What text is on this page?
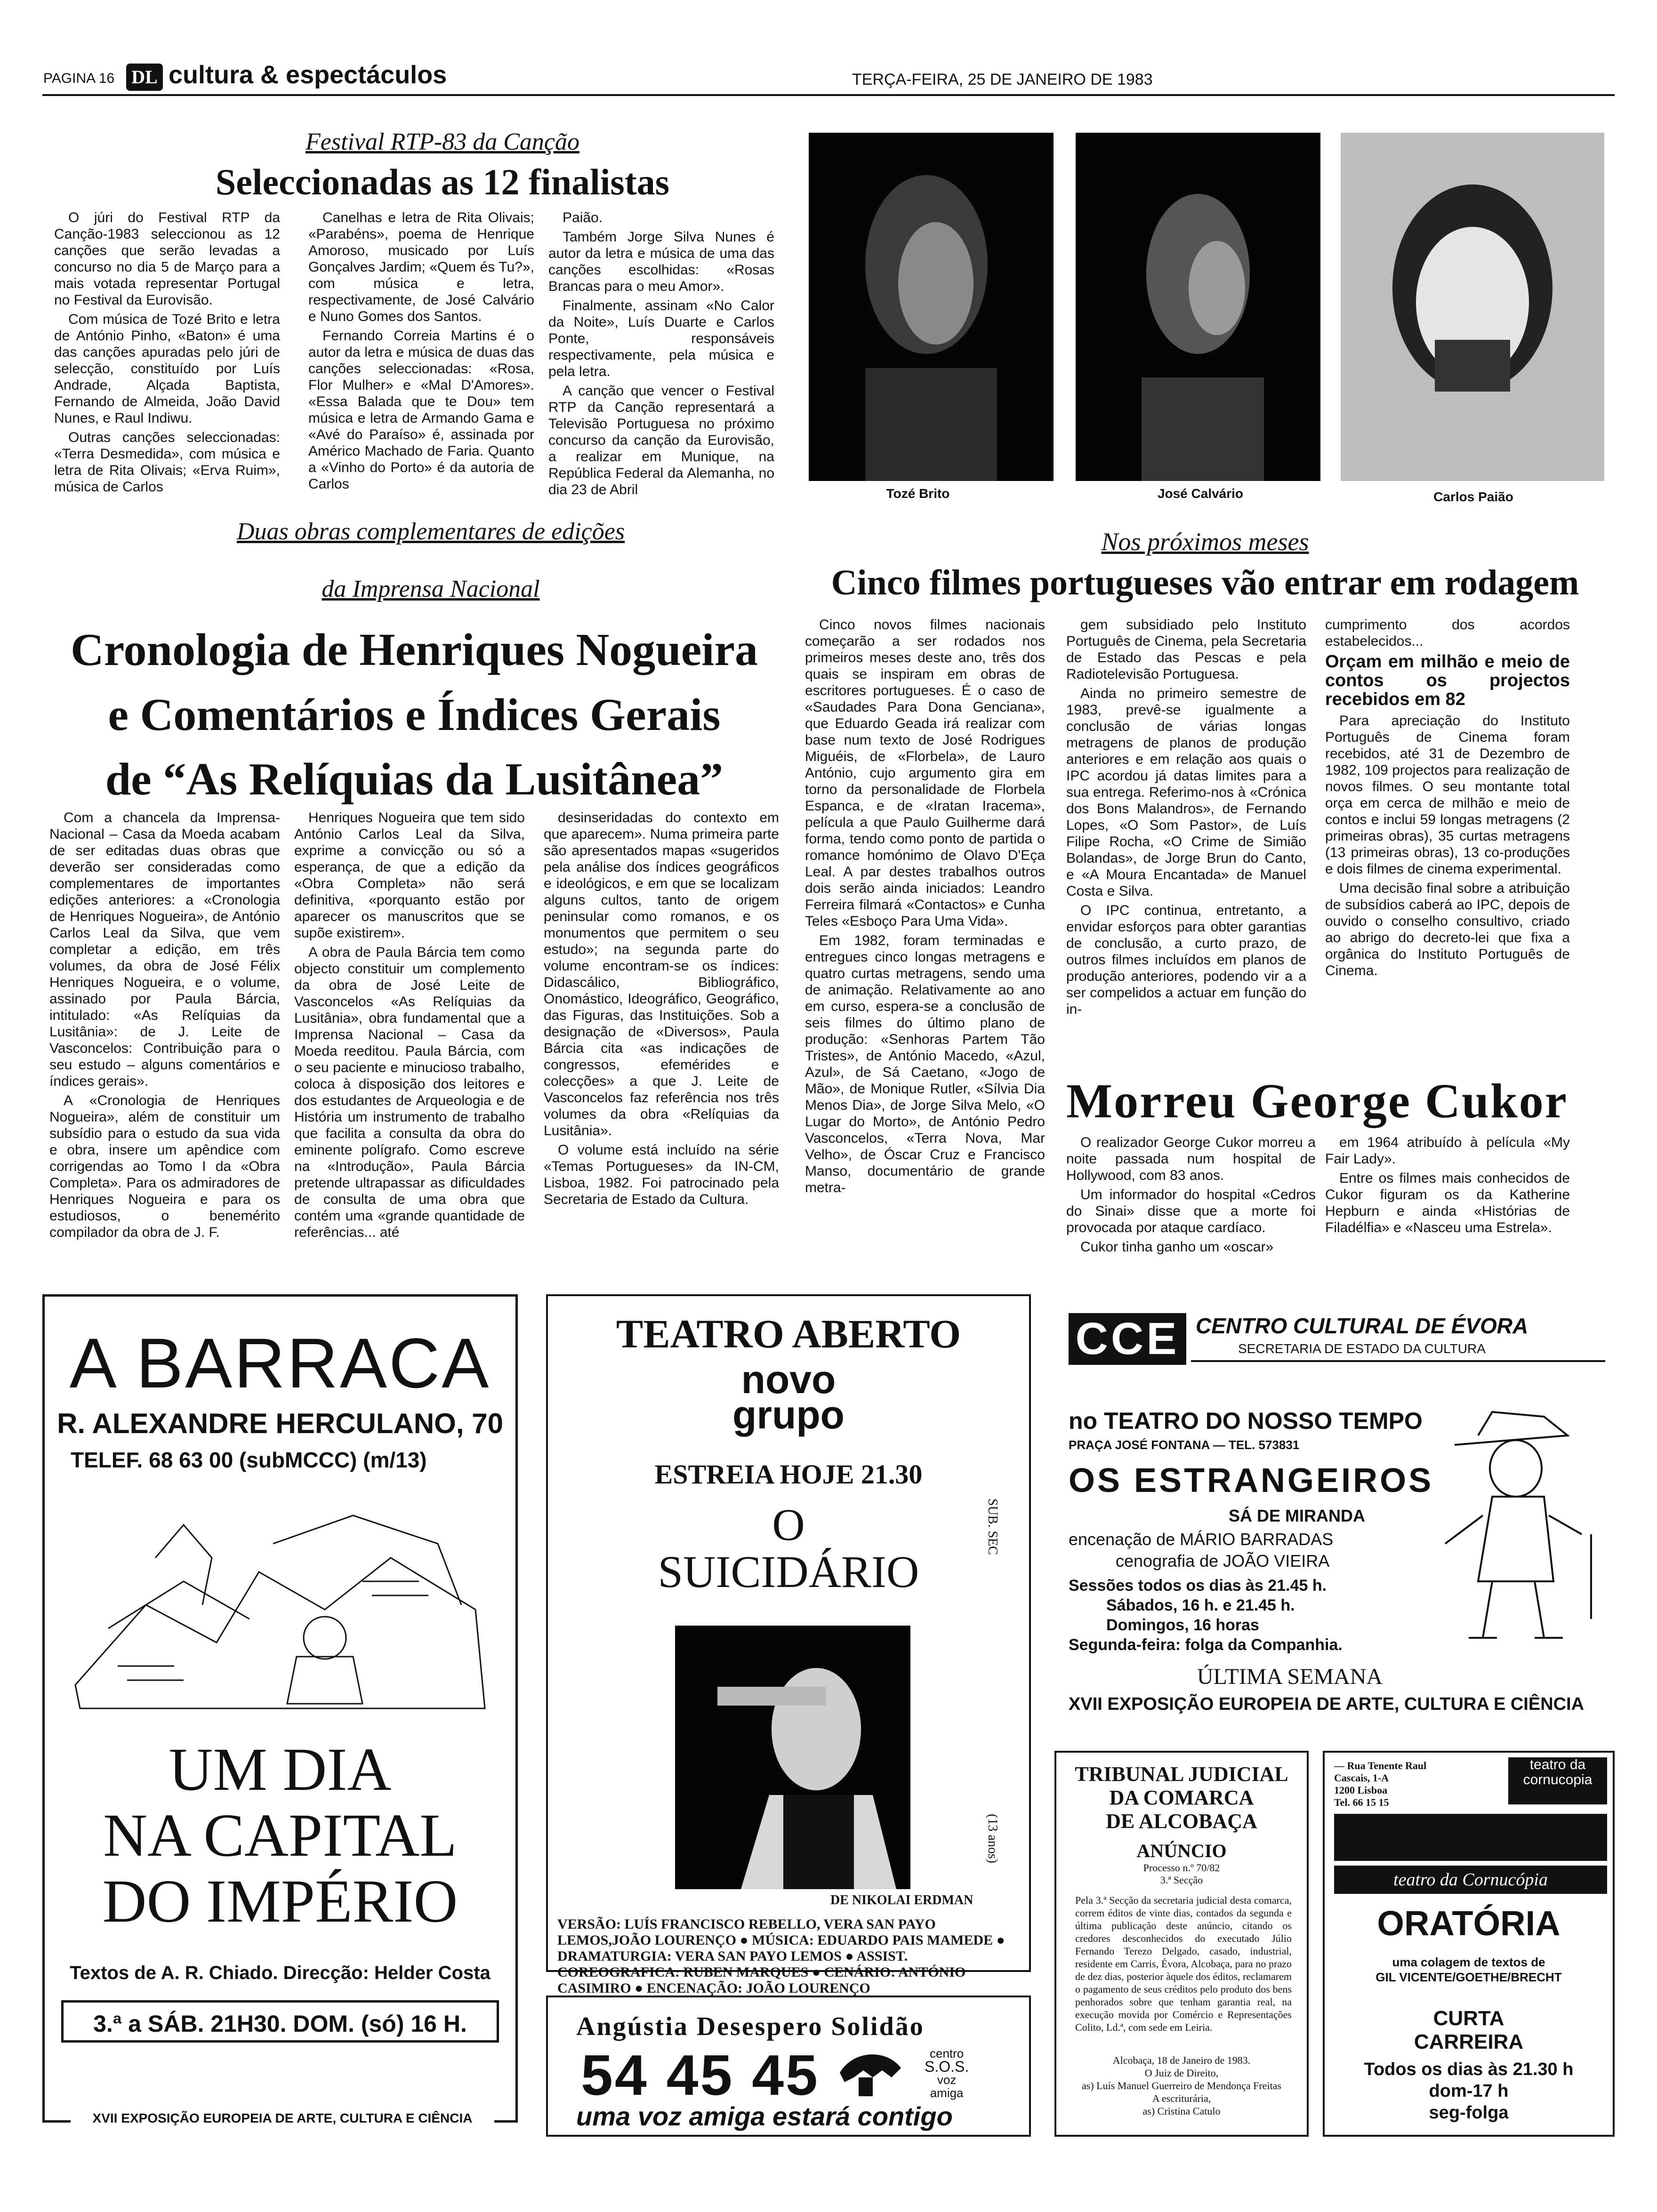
PAGINA 16 DL cultura & espectáculos	TERÇA-FEIRA, 25 DE JANEIRO DE 1983
Festival RTP-83 da Canção
Seleccionadas as 12 finalistas

O júri do Festival RTP da Canção-1983 seleccionou as 12 canções que serão levadas a concurso no dia 5 de Março para a mais votada representar Portugal no Festival da Eurovisão.

Com música de Tozé Brito e letra de António Pinho, «Baton» é uma das canções apuradas pelo júri de selecção, constituído por Luís Andrade, Alçada Baptista, Fernando de Almeida, João David Nunes, e Raul Indiwu.

Outras canções seleccionadas: «Terra Desmedida», com música e letra de Rita Olivais; «Erva Ruim», música de Carlos

Canelhas e letra de Rita Olivais; «Parabéns», poema de Henrique Amoroso, musicado por Luís Gonçalves Jardim; «Quem és Tu?», com música e letra, respectivamente, de José Calvário e Nuno Gomes dos Santos.

Fernando Correia Martins é o autor da letra e música de duas das canções seleccionadas: «Rosa, Flor Mulher» e «Mal D'Amores». «Essa Balada que te Dou» tem música e letra de Armando Gama e «Avé do Paraíso» é, assinada por Américo Machado de Faria. Quanto a «Vinho do Porto» é da autoria de Carlos

Paião.

Também Jorge Silva Nunes é autor da letra e música de uma das canções escolhidas: «Rosas Brancas para o meu Amor».

Finalmente, assinam «No Calor da Noite», Luís Duarte e Carlos Ponte, responsáveis respectivamente, pela música e pela letra.

A canção que vencer o Festival RTP da Canção representará a Televisão Portuguesa no próximo concurso da canção da Eurovisão, a realizar em Munique, na República Federal da Alemanha, no dia 23 de Abril	Tozé Brito	José Calvário	Carlos Paião
Duas obras complementares de edições
da Imprensa Nacional
Cronologia de Henriques Nogueira
e Comentários e Índices Gerais
de “As Relíquias da Lusitânea”

Com a chancela da Imprensa-Nacional – Casa da Moeda acabam de ser editadas duas obras que deverão ser consideradas como complementares de importantes edições anteriores: a «Cronologia de Henriques Nogueira», de António Carlos Leal da Silva, que vem completar a edição, em três volumes, da obra de José Félix Henriques Nogueira, e o volume, assinado por Paula Bárcia, intitulado: «As Relíquias da Lusitânia»: de J. Leite de Vasconcelos: Contribuição para o seu estudo – alguns comentários e índices gerais».

A «Cronologia de Henriques Nogueira», além de constituir um subsídio para o estudo da sua vida e obra, insere um apêndice com corrigendas ao Tomo I da «Obra Completa». Para os admiradores de Henriques Nogueira e para os estudiosos, o benemérito compilador da obra de J. F.

Henriques Nogueira que tem sido António Carlos Leal da Silva, exprime a convicção ou só a esperança, de que a edição da «Obra Completa» não será definitiva, «porquanto estão por aparecer os manuscritos que se supõe existirem».

A obra de Paula Bárcia tem como objecto constituir um complemento da obra de José Leite de Vasconcelos «As Relíquias da Lusitânia», obra fundamental que a Imprensa Nacional – Casa da Moeda reeditou. Paula Bárcia, com o seu paciente e minucioso trabalho, coloca à disposição dos leitores e dos estudantes de Arqueologia e de História um instrumento de trabalho que facilita a consulta da obra do eminente polígrafo. Como escreve na «Introdução», Paula Bárcia pretende ultrapassar as dificuldades de consulta de uma obra que contém uma «grande quantidade de referências... até

desinseridadas do contexto em que aparecem». Numa primeira parte são apresentados mapas «sugeridos pela análise dos índices geográficos e ideológicos, e em que se localizam alguns cultos, tanto de origem peninsular como romanos, e os monumentos que permitem o seu estudo»; na segunda parte do volume encontram-se os índices: Didascálico, Bibliográfico, Onomástico, Ideográfico, Geográfico, das Figuras, das Instituições. Sob a designação de «Diversos», Paula Bárcia cita «as indicações de congressos, efemérides e colecções» a que J. Leite de Vasconcelos faz referência nos três volumes da obra «Relíquias da Lusitânia».

O volume está incluído na série «Temas Portugueses» da IN-CM, Lisboa, 1982. Foi patrocinado pela Secretaria de Estado da Cultura.

Nos próximos meses
Cinco filmes portugueses vão entrar em rodagem

Cinco novos filmes nacionais começarão a ser rodados nos primeiros meses deste ano, três dos quais se inspiram em obras de escritores portugueses. É o caso de «Saudades Para Dona Genciana», que Eduardo Geada irá realizar com base num texto de José Rodrigues Miguéis, de «Florbela», de Lauro António, cujo argumento gira em torno da personalidade de Florbela Espanca, e de «Iratan Iracema», película a que Paulo Guilherme dará forma, tendo como ponto de partida o romance homónimo de Olavo D'Eça Leal. A par destes trabalhos outros dois serão ainda iniciados: Leandro Ferreira filmará «Contactos» e Cunha Teles «Esboço Para Uma Vida».

Em 1982, foram terminadas e entregues cinco longas metragens e quatro curtas metragens, sendo uma de animação. Relativamente ao ano em curso, espera-se a conclusão de seis filmes do último plano de produção: «Senhoras Partem Tão Tristes», de António Macedo, «Azul, Azul», de Sá Caetano, «Jogo de Mão», de Monique Rutler, «Sílvia Dia Menos Dia», de Jorge Silva Melo, «O Lugar do Morto», de António Pedro Vasconcelos, «Terra Nova, Mar Velho», de Óscar Cruz e Francisco Manso, documentário de grande metra-

gem subsidiado pelo Instituto Português de Cinema, pela Secretaria de Estado das Pescas e pela Radiotelevisão Portuguesa.

Ainda no primeiro semestre de 1983, prevê-se igualmente a conclusão de várias longas metragens de planos de produção anteriores e em relação aos quais o IPC acordou já datas limites para a sua entrega. Referimo-nos à «Crónica dos Bons Malandros», de Fernando Lopes, «O Som Pastor», de Luís Filipe Rocha, «O Crime de Simião Bolandas», de Jorge Brun do Canto, e «A Moura Encantada» de Manuel Costa e Silva.

O IPC continua, entretanto, a envidar esforços para obter garantias de conclusão, a curto prazo, de outros filmes incluídos em planos de produção anteriores, podendo vir a a ser compelidos a actuar em função do in-

cumprimento dos acordos estabelecidos...

Orçam em milhão e meio de contos os projectos recebidos em 82

Para apreciação do Instituto Português de Cinema foram recebidos, até 31 de Dezembro de 1982, 109 projectos para realização de novos filmes. O seu montante total orça em cerca de milhão e meio de contos e inclui 59 longas metragens (2 primeiras obras), 35 curtas metragens (13 primeiras obras), 13 co-produções e dois filmes de cinema experimental.

Uma decisão final sobre a atribuição de subsídios caberá ao IPC, depois de ouvido o conselho consultivo, criado ao abrigo do decreto-lei que fixa a orgânica do Instituto Português de Cinema.

Morreu George Cukor

O realizador George Cukor morreu a noite passada num hospital de Hollywood, com 83 anos.

Um informador do hospital «Cedros do Sinai» disse que a morte foi provocada por ataque cardíaco.

Cukor tinha ganho um «oscar»

em 1964 atribuído à película «My Fair Lady».

Entre os filmes mais conhecidos de Cukor figuram os da Katherine Hepburn e ainda «Histórias de Filadélfia» e «Nasceu uma Estrela».

A BARRACA
R. ALEXANDRE HERCULANO, 70
TELEF. 68 63 00 (subMCCC) (m/13)
UM DIA
NA CAPITAL
DO IMPÉRIO
Textos de A. R. Chiado. Direcção: Helder Costa
3.ª a SÁB. 21H30. DOM. (só) 16 H.
XVII EXPOSIÇÃO EUROPEIA DE ARTE, CULTURA E CIÊNCIA
TEATRO ABERTO
novo
grupo
ESTREIA HOJE 21.30
O
SUICIDÁRIO
SUB. SEC
(13 anos)
DE NIKOLAI ERDMAN
VERSÃO: LUÍS FRANCISCO REBELLO, VERA SAN PAYO LEMOS,JOÃO LOURENÇO ● MÚSICA: EDUARDO PAIS MAMEDE ● DRAMATURGIA: VERA SAN PAYO LEMOS ● ASSIST. COREOGRAFICA: RUBEN MARQUES ● CENÁRIO: ANTÓNIO CASIMIRO ● ENCENAÇÃO: JOÃO LOURENÇO
Angústia Desespero Solidão
54 45 45	centro
S.O.S.
voz
amiga
uma voz amiga estará contigo
CCE CENTRO CULTURAL DE ÉVORA
SECRETARIA DE ESTADO DA CULTURA
no TEATRO DO NOSSO TEMPO
PRAÇA JOSÉ FONTANA — TEL. 573831
OS ESTRANGEIROS
SÁ DE MIRANDA
encenação de MÁRIO BARRADAS
cenografia de JOÃO VIEIRA
Sessões todos os dias às 21.45 h.
Sábados, 16 h. e 21.45 h.
Domingos, 16 horas
Segunda-feira: folga da Companhia.
ÚLTIMA SEMANA
XVII EXPOSIÇÃO EUROPEIA DE ARTE, CULTURA E CIÊNCIA
TRIBUNAL JUDICIAL
DA COMARCA
DE ALCOBAÇA
ANÚNCIO
Processo n.º 70/82
3.ª Secção
Pela 3.ª Secção da secretaria judicial desta comarca, correm éditos de vinte dias, contados da segunda e última publicação deste anúncio, citando os credores desconhecidos do executado Júlio Fernando Terezo Delgado, casado, industrial, residente em Carris, Évora, Alcobaça, para no prazo de dez dias, posterior àquele dos éditos, reclamarem o pagamento de seus créditos pelo produto dos bens penhorados sobre que tenham garantia real, na execução movida por Comércio e Representações Colito, Ld.ª, com sede em Leiria.
Alcobaça, 18 de Janeiro de 1983.
O Juiz de Direito,
as) Luís Manuel Guerreiro de Mendonça Freitas
A escriturária,
as) Cristina Catulo
— Rua Tenente Raul
Cascais, 1-A
1200 Lisboa
Tel. 66 15 15
teatro da cornucopia
teatro da Cornucópia
ORATÓRIA
uma colagem de textos de
GIL VICENTE/GOETHE/BRECHT
CURTA
CARREIRA
Todos os dias às 21.30 h
dom-17 h
seg-folga
